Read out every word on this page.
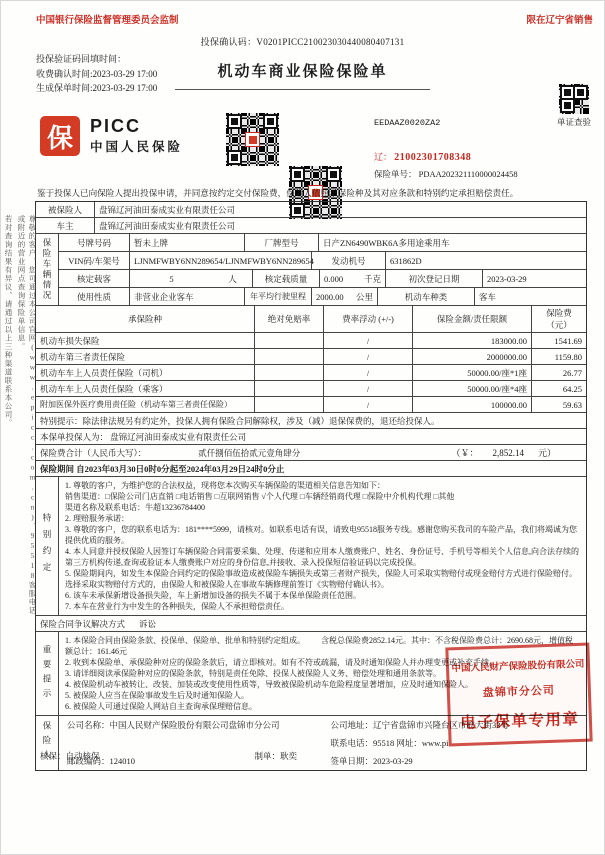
中国银行保险监督管理委员会监制	限在辽宁省销售
投保确认码：V0201PICC210023030440080407131
投保验证码回填时间：
收费确认时间:2023-03-29 17:00
生成保单时间:2023-03-29 17:00
机动车商业保险保险单
单证查验
保 PICC
中国人民保险
EEDAAZ0020ZA2
辽： 21002301708348
保险单号： PDAA202321110000024458
鉴于投保人已向保险人提出投保申请，并同意按约定交付保险费，保险人依照承保险种及其对应条款和特别约定承担赔偿责任。
被保险人	盘锦辽河油田泰成实业有限责任公司
车主	盘锦辽河油田泰成实业有限责任公司
保险车辆情况	号牌号码	暂未上牌	厂牌型号	日产ZN6490WBK6A多用途乘用车
VIN码/车架号	LJNMFWBY6NN289654/LJNMFWBY6NN289654	发动机号	631862D
核定载客	5	人	核定载质量	0.000 千克	初次登记日期	2023-03-29
使用性质	非营业企业客车	年平均行驶里程	2000.00 公里	机动车种类	客车
承保险种	绝对免赔率	费率浮动 (+/-)	保险金额/责任限额
保险费（元）
机动车损失保险	/	183000.00	1541.69
机动车第三者责任保险	/	2000000.00	1159.80
机动车车上人员责任保险（司机）	/	50000.00/座*1座	26.77
机动车车上人员责任保险（乘客）	/	50000.00/座*4座	64.25
附加医保外医疗费用责任险（机动车第三者责任保险）	/	100000.00	59.63
特别提示：除法律法规另有约定外，投保人拥有保险合同解除权，涉及（减）退保保费的，退还给投保人。
本保单投保人为： 盘锦辽河油田泰成实业有限责任公司
保险费合计（人民币大写）：	贰仟捌佰伍拾贰元壹角肆分	（￥： 2,852.14 元）
保险期间 自2023年03月30日0时0分起至2024年03月29日24时0分止
特别约定
1. 尊敬的客户，为维护您的合法权益，现将您本次购买车辆保险的渠道相关信息告知如下：
销售渠道：□保险公司门店直销 □电话销售 □互联网销售 √个人代理 □车辆经销商代理 □保险中介机构代理 □其他
渠道名称及联系电话：牛超13236784400
2. 理赔服务承诺：
3. 尊敬的客户，您的联系电话为：181****5999，请核对。如联系电话有误，请致电95518服务专线。感谢您购买我司的车险产品，我们将竭诚为您提供优质的服务。
4. 本人同意并授权保险人因签订车辆保险合同需要采集、处理、传递和应用本人缴费账户、姓名、身份证号、手机号等相关个人信息,向合法存续的第三方机构传递,查询或验证本人缴费账户对应的身份信息,并接收、录入投保短信验证码以完成投保。
5. 保险期间内，如发生本保险合同约定的保险事故造成被保险车辆损失或第三者财产损失，保险人可采取实物赔付或现金赔付方式进行保险赔付。选择采取实物赔付方式的，由保险人和被保险人在事故车辆修理前签订《实物赔付确认书》。
6. 该车未承保新增设备损失险，车上新增加设备的损失不属于本保单保险责任范围。
7. 本车在营业行为中发生的各种损失，保险人不承担赔偿责任。
保险合同争议解决方式 诉讼
重要提示
1. 本保险合同由保险条款、投保单、保险单、批单和特别约定组成。        含税总保险费2852.14元。其中：不含税保险费总计：2690.68元，增值税额总计：161.46元
2. 收到本保险单、承保险种对应的保险条款后，请立即核对。如有不符或疏漏，请及时通知保险人并办理变更或补充手续。
3. 请详细阅读承保险种对应的保险条款，特别是责任免除、投保人被保险人义务、赔偿处理和通用条款等。
4. 被保险机动车被转让、改装、加装或改变使用性质等，导致被保险机动车危险程度显著增加，应及时通知保险人。
5. 被保险人应当在保险事故发生后及时通知保险人。
6. 被保险人可通过保险人网站自主查询承保理赔信息。
保险人	公司名称：中国人民财产保险股份有限公司盘锦市分公司	公司地址：辽宁省盘锦市兴隆台区市府大街33号
联系电话：95518 网址：www.pi
邮政编码：124010	签单日期：2023-03-29
核保：自动核保	制单：耿奕
中国人民财产保险股份有限公司
盘锦市分公司
电子保单专用章
尊敬的客户，您可通过本公司官网(www.epicc.com.cn)、95518客服电话或附近的营业网点查询保险单信息。
若对查询结果有异议，请通过以上三种渠道联系本公司。
